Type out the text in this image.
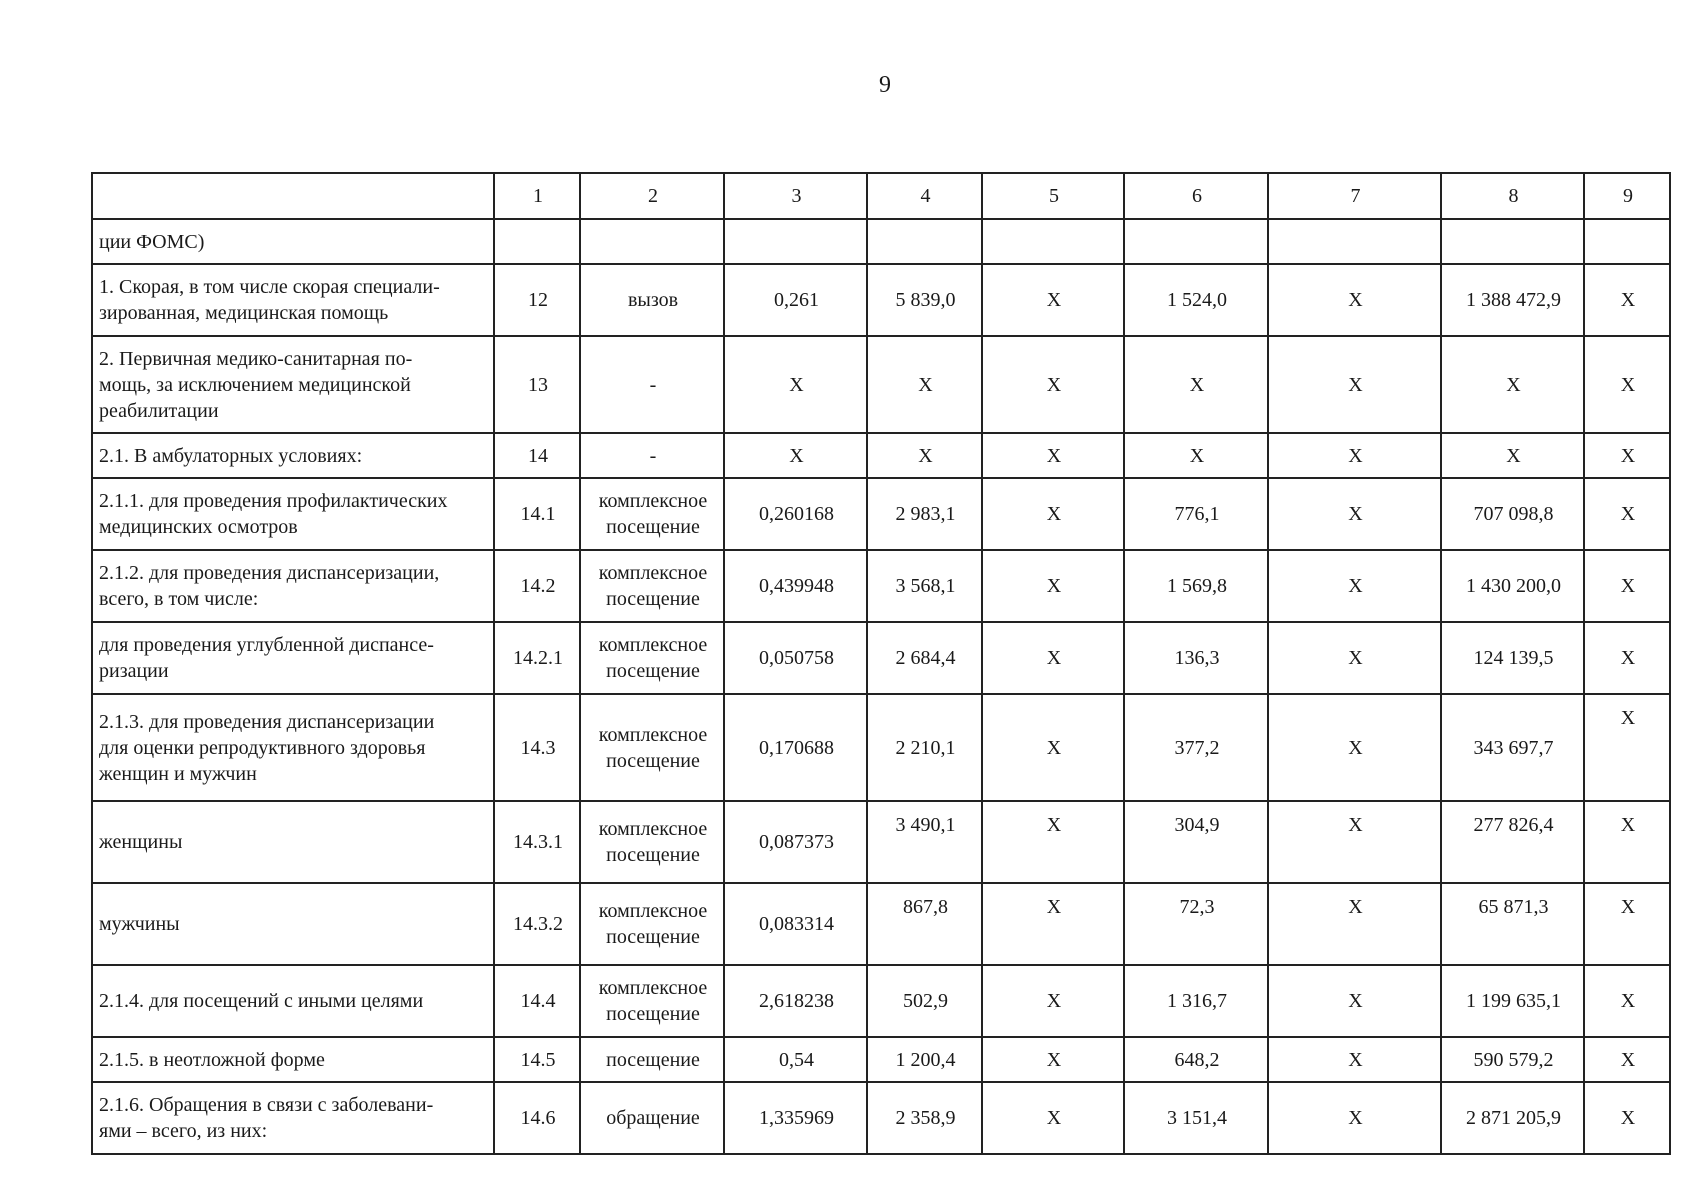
9
	1	2	3	4	5	6	7	8	9
ции ФОМС)									
1. Скорая, в том числе скорая специали-
зированная, медицинская помощь	12	вызов	0,261	5 839,0	X	1 524,0	X	1 388 472,9	X
2. Первичная медико-санитарная по-
мощь, за исключением медицинской
реабилитации	13	-	X	X	X	X	X	X	X
2.1. В амбулаторных условиях:	14	-	X	X	X	X	X	X	X
2.1.1. для проведения профилактических
медицинских осмотров	14.1	комплексное
посещение	0,260168	2 983,1	X	776,1	X	707 098,8	X
2.1.2. для проведения диспансеризации,
всего, в том числе:	14.2	комплексное
посещение	0,439948	3 568,1	X	1 569,8	X	1 430 200,0	X
для проведения углубленной диспансе-
ризации	14.2.1	комплексное
посещение	0,050758	2 684,4	X	136,3	X	124 139,5	X
2.1.3. для проведения диспансеризации
для оценки репродуктивного здоровья
женщин и мужчин	14.3	комплексное
посещение	0,170688	2 210,1	X	377,2	X	343 697,7	X
женщины	14.3.1	комплексное
посещение	0,087373	3 490,1	X	304,9	X	277 826,4	X
мужчины	14.3.2	комплексное
посещение	0,083314	867,8	X	72,3	X	65 871,3	X
2.1.4. для посещений с иными целями	14.4	комплексное
посещение	2,618238	502,9	X	1 316,7	X	1 199 635,1	X
2.1.5. в неотложной форме	14.5	посещение	0,54	1 200,4	X	648,2	X	590 579,2	X
2.1.6. Обращения в связи с заболевани-
ями – всего, из них:	14.6	обращение	1,335969	2 358,9	X	3 151,4	X	2 871 205,9	X
